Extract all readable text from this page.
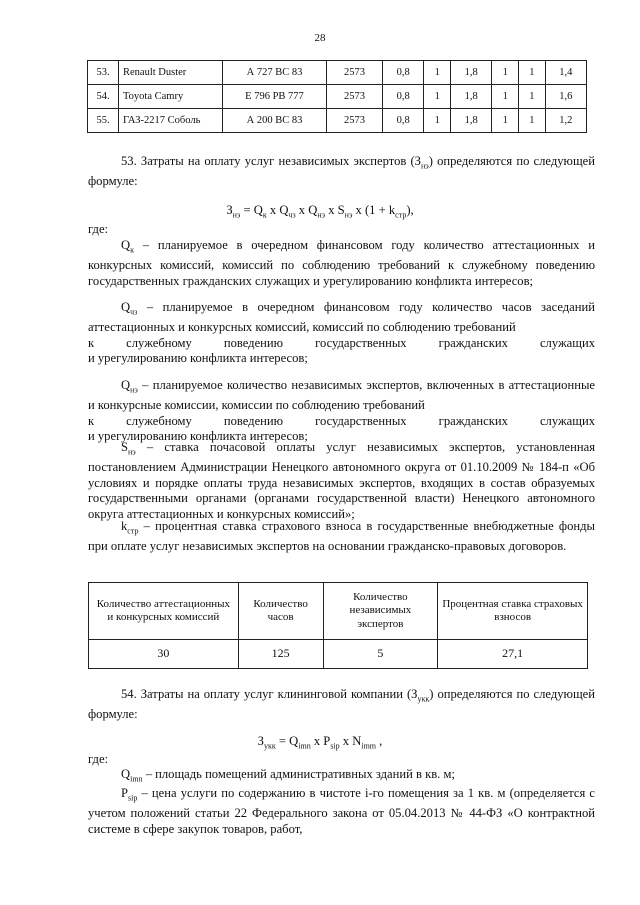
28
53.	Renault Duster	А 727 ВС 83	2573	0,8	1	1,8	1	1	1,4
54.	Toyota Camry	Е 796 РВ 777	2573	0,8	1	1,8	1	1	1,6
55.	ГАЗ-2217 Соболь	А 200 ВС 83	2573	0,8	1	1,8	1	1	1,2
53. Затраты на оплату услуг независимых экспертов $(З_{нэ})$ определяются по следующей формуле:
$З_{нэ} = Q_к$ x $Q_{чз}$ x $Q_{нэ}$ x $S_{нэ}$ x $(1 + k_{стр})$,
где:
$Q_к$ – планируемое в очередном финансовом году количество аттестационных и конкурсных комиссий, комиссий по соблюдению требований к служебному поведению государственных гражданских служащих и урегулированию конфликта интересов;
$Q_{чз}$ – планируемое в очередном финансовом году количество часов заседаний аттестационных и конкурсных комиссий, комиссий по соблюдению требований
к служебному поведению государственных гражданских служащих
и урегулированию конфликта интересов;
$Q_{нэ}$ – планируемое количество независимых экспертов, включенных в аттестационные и конкурсные комиссии, комиссии по соблюдению требований
к служебному поведению государственных гражданских служащих
и урегулированию конфликта интересов;
$S_{нэ}$ – ставка почасовой оплаты услуг независимых экспертов, установленная постановлением Администрации Ненецкого автономного округа от 01.10.2009 № 184-п «Об условиях и порядке оплаты труда независимых экспертов, входящих в состав образуемых государственными органами (органами государственной власти) Ненецкого автономного округа аттестационных и конкурсных комиссий»;
$k_{стр}$ – процентная ставка страхового взноса в государственные внебюджетные фонды при оплате услуг независимых экспертов на основании гражданско-правовых договоров.
Количество аттестационных и конкурсных комиссий	Количество часов	Количество независимых экспертов	Процентная ставка страховых взносов
30	125	5	27,1
54. Затраты на оплату услуг клининговой компании $(З_{укк})$ определяются по следующей формуле:
$З_{укк} = Q_{imn}$ x $P_{sip}$ x $N_{imm}$ ,
где:
$Q_{imn}$ – площадь помещений административных зданий в кв. м;
$P_{sip}$ – цена услуги по содержанию в чистоте i-го помещения за 1 кв. м (определяется с учетом положений статьи 22 Федерального закона от 05.04.2013 № 44-ФЗ «О контрактной системе в сфере закупок товаров, работ,
